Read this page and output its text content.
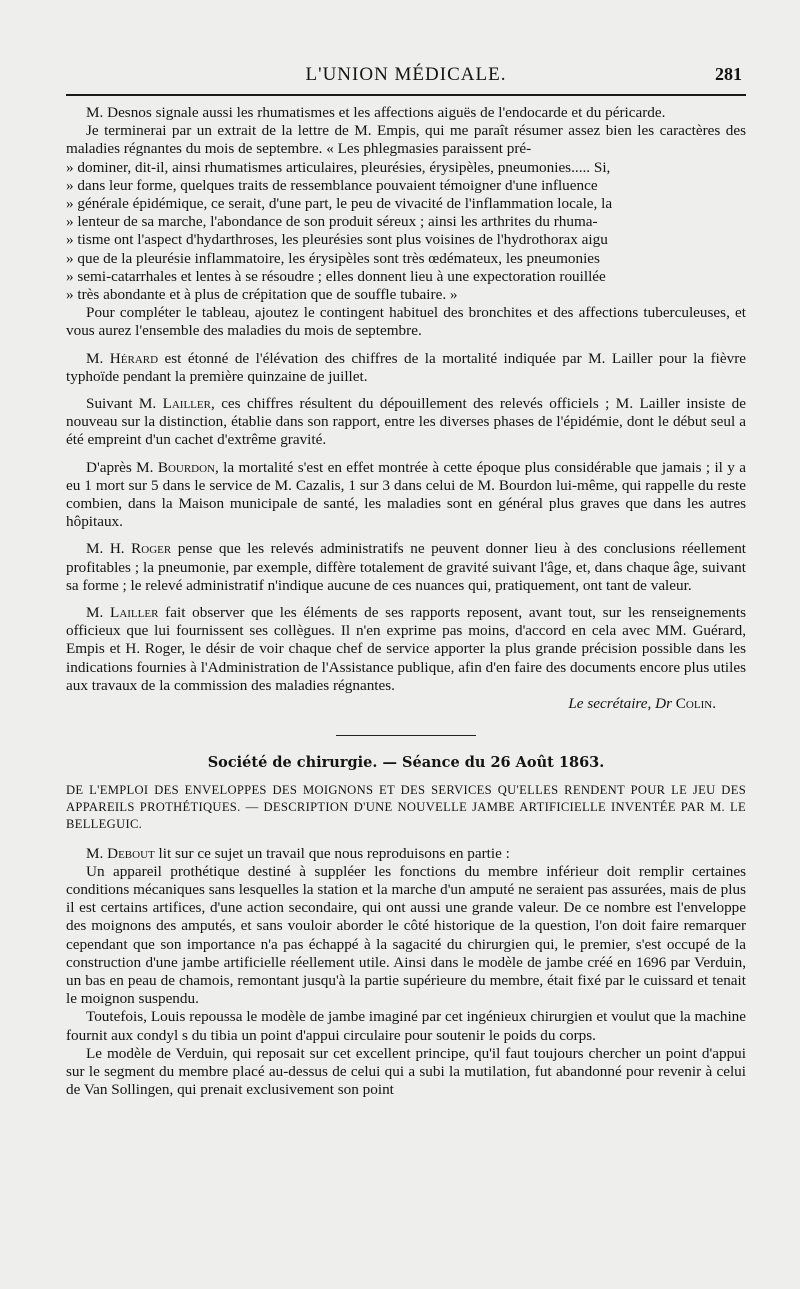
L'UNION MÉDICALE.	281

M. Desnos signale aussi les rhumatismes et les affections aiguës de l'endocarde et du péricarde.

Je terminerai par un extrait de la lettre de M. Empis, qui me paraît résumer assez bien les caractères des maladies régnantes du mois de septembre. « Les phlegmasies paraissent pré-

» dominer, dit-il, ainsi rhumatismes articulaires, pleurésies, érysipèles, pneumonies..... Si,
» dans leur forme, quelques traits de ressemblance pouvaient témoigner d'une influence
» générale épidémique, ce serait, d'une part, le peu de vivacité de l'inflammation locale, la
» lenteur de sa marche, l'abondance de son produit séreux ; ainsi les arthrites du rhuma-
» tisme ont l'aspect d'hydarthroses, les pleurésies sont plus voisines de l'hydrothorax aigu
» que de la pleurésie inflammatoire, les érysipèles sont très œdémateux, les pneumonies
» semi-catarrhales et lentes à se résoudre ; elles donnent lieu à une expectoration rouillée
» très abondante et à plus de crépitation que de souffle tubaire. »

Pour compléter le tableau, ajoutez le contingent habituel des bronchites et des affections tuberculeuses, et vous aurez l'ensemble des maladies du mois de septembre.

M. Hérard est étonné de l'élévation des chiffres de la mortalité indiquée par M. Lailler pour la fièvre typhoïde pendant la première quinzaine de juillet.

Suivant M. Lailler, ces chiffres résultent du dépouillement des relevés officiels ; M. Lailler insiste de nouveau sur la distinction, établie dans son rapport, entre les diverses phases de l'épidémie, dont le début seul a été empreint d'un cachet d'extrême gravité.

D'après M. Bourdon, la mortalité s'est en effet montrée à cette époque plus considérable que jamais ; il y a eu 1 mort sur 5 dans le service de M. Cazalis, 1 sur 3 dans celui de M. Bourdon lui-même, qui rappelle du reste combien, dans la Maison municipale de santé, les maladies sont en général plus graves que dans les autres hôpitaux.

M. H. Roger pense que les relevés administratifs ne peuvent donner lieu à des conclusions réellement profitables ; la pneumonie, par exemple, diffère totalement de gravité suivant l'âge, et, dans chaque âge, suivant sa forme ; le relevé administratif n'indique aucune de ces nuances qui, pratiquement, ont tant de valeur.

M. Lailler fait observer que les éléments de ses rapports reposent, avant tout, sur les renseignements officieux que lui fournissent ses collègues. Il n'en exprime pas moins, d'accord en cela avec MM. Guérard, Empis et H. Roger, le désir de voir chaque chef de service apporter la plus grande précision possible dans les indications fournies à l'Administration de l'Assistance publique, afin d'en faire des documents encore plus utiles aux travaux de la commission des maladies régnantes.

Le secrétaire, Dr Colin.

Société de chirurgie. — Séance du 26 Août 1863.
DE L'EMPLOI DES ENVELOPPES DES MOIGNONS ET DES SERVICES QU'ELLES RENDENT POUR LE JEU DES APPAREILS PROTHÉTIQUES. — DESCRIPTION D'UNE NOUVELLE JAMBE ARTIFICIELLE INVENTÉE PAR M. LE BELLEGUIC.

M. Debout lit sur ce sujet un travail que nous reproduisons en partie :

Un appareil prothétique destiné à suppléer les fonctions du membre inférieur doit remplir certaines conditions mécaniques sans lesquelles la station et la marche d'un amputé ne seraient pas assurées, mais de plus il est certains artifices, d'une action secondaire, qui ont aussi une grande valeur. De ce nombre est l'enveloppe des moignons des amputés, et sans vouloir aborder le côté historique de la question, l'on doit faire remarquer cependant que son importance n'a pas échappé à la sagacité du chirurgien qui, le premier, s'est occupé de la construction d'une jambe artificielle réellement utile. Ainsi dans le modèle de jambe créé en 1696 par Verduin, un bas en peau de chamois, remontant jusqu'à la partie supérieure du membre, était fixé par le cuissard et tenait le moignon suspendu.

Toutefois, Louis repoussa le modèle de jambe imaginé par cet ingénieux chirurgien et voulut que la machine fournit aux condyl s du tibia un point d'appui circulaire pour soutenir le poids du corps.

Le modèle de Verduin, qui reposait sur cet excellent principe, qu'il faut toujours chercher un point d'appui sur le segment du membre placé au-dessus de celui qui a subi la mutilation, fut abandonné pour revenir à celui de Van Sollingen, qui prenait exclusivement son point
